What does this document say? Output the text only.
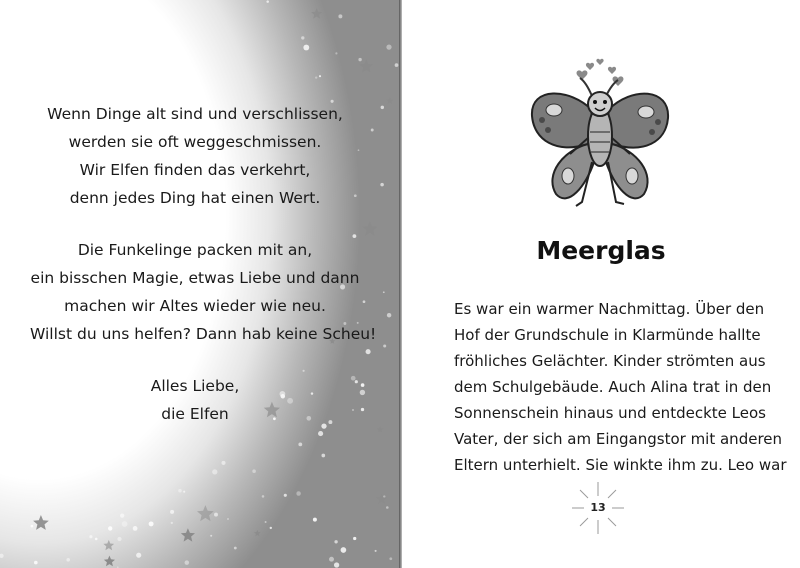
Wenn Dinge alt sind und verschlissen,
werden sie oft weggeschmissen.
Wir Elfen finden das verkehrt,
denn jedes Ding hat einen Wert.
Die Funkelinge packen mit an,
ein bisschen Magie, etwas Liebe und dann
machen wir Altes wieder wie neu.
Willst du uns helfen? Dann hab keine Scheu!
Alles Liebe,
die Elfen
Meerglas
Es war ein warmer Nachmittag. Über den
Hof der Grundschule in Klarmünde hallte
fröhliches Gelächter. Kinder strömten aus
dem Schulgebäude. Auch Alina trat in den
Sonnenschein hinaus und entdeckte Leos
Vater, der sich am Eingangstor mit anderen
Eltern unterhielt. Sie winkte ihm zu. Leo war
13
